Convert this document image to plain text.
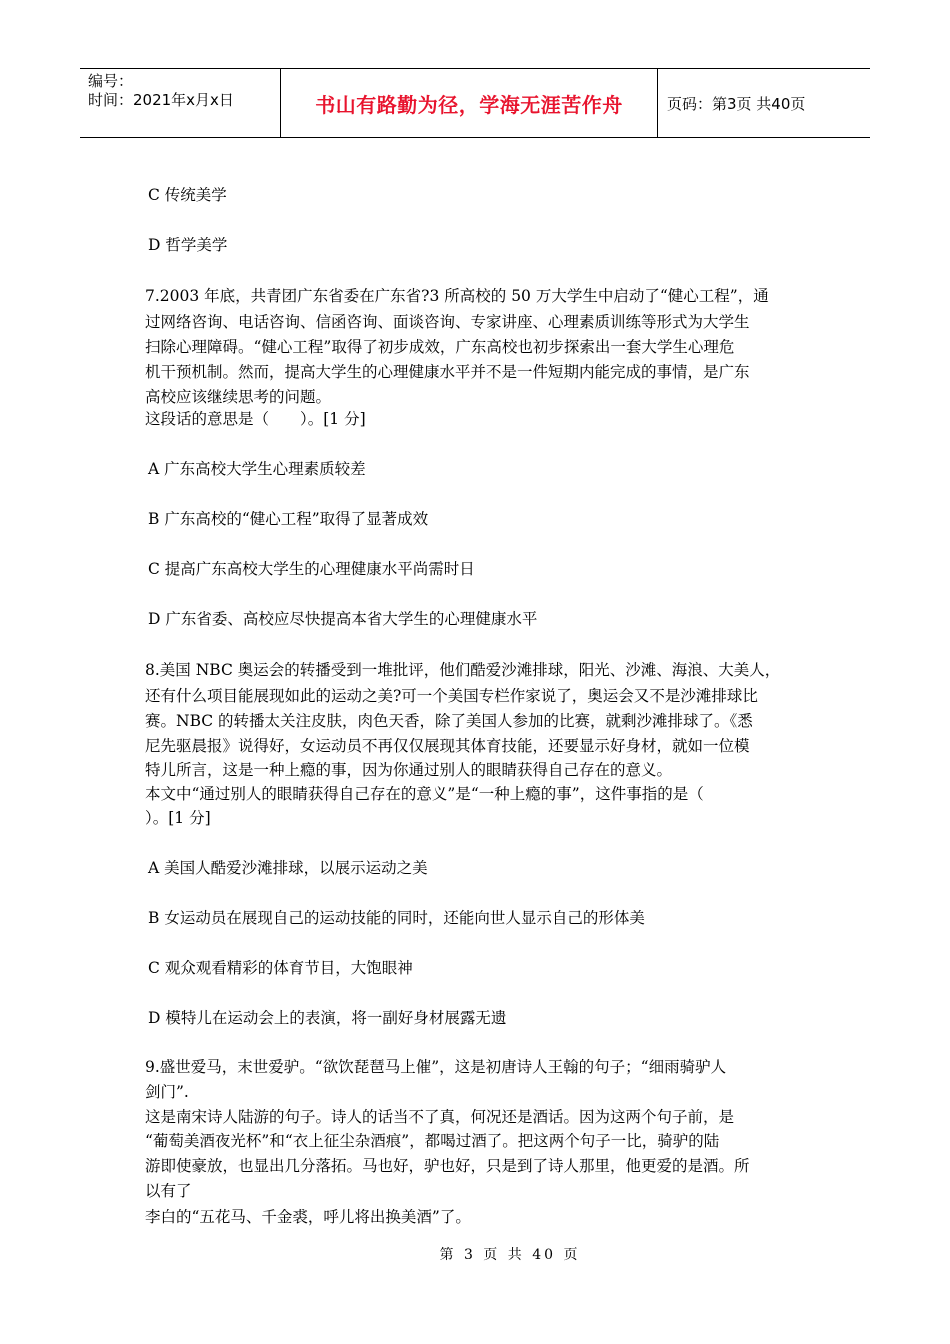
编号：
时间：2021年x月x日	书山有路勤为径，学海无涯苦作舟	页码：第3页 共40页
C 传统美学
D 哲学美学
7.2003 年底，共青团广东省委在广东省?3 所高校的 50 万大学生中启动了“健心工程”，通
过网络咨询、电话咨询、信函咨询、面谈咨询、专家讲座、心理素质训练等形式为大学生
扫除心理障碍。“健心工程”取得了初步成效，广东高校也初步探索出一套大学生心理危
机干预机制。然而，提高大学生的心理健康水平并不是一件短期内能完成的事情，是广东
高校应该继续思考的问题。
这段话的意思是（　　）。[1 分]
A 广东高校大学生心理素质较差
B 广东高校的“健心工程”取得了显著成效
C 提高广东高校大学生的心理健康水平尚需时日
D 广东省委、高校应尽快提高本省大学生的心理健康水平
8.美国 NBC 奥运会的转播受到一堆批评，他们酷爱沙滩排球，阳光、沙滩、海浪、大美人，
还有什么项目能展现如此的运动之美?可一个美国专栏作家说了，奥运会又不是沙滩排球比
赛。NBC 的转播太关注皮肤，肉色天香，除了美国人参加的比赛，就剩沙滩排球了。《悉
尼先驱晨报》说得好，女运动员不再仅仅展现其体育技能，还要显示好身材，就如一位模
特儿所言，这是一种上瘾的事，因为你通过别人的眼睛获得自己存在的意义。
本文中“通过别人的眼睛获得自己存在的意义”是“一种上瘾的事”，这件事指的是（
）。[1 分]
A 美国人酷爱沙滩排球，以展示运动之美
B 女运动员在展现自己的运动技能的同时，还能向世人显示自己的形体美
C 观众观看精彩的体育节目，大饱眼神
D 模特儿在运动会上的表演，将一副好身材展露无遗
9.盛世爱马，末世爱驴。“欲饮琵琶马上催”，这是初唐诗人王翰的句子；“细雨骑驴人
剑门”.
这是南宋诗人陆游的句子。诗人的话当不了真，何况还是酒话。因为这两个句子前，是
“葡萄美酒夜光杯”和“衣上征尘杂酒痕”，都喝过酒了。把这两个句子一比，骑驴的陆
游即使豪放，也显出几分落拓。马也好，驴也好，只是到了诗人那里，他更爱的是酒。所
以有了
李白的“五花马、千金裘，呼儿将出换美酒”了。
第 3 页 共 40 页
